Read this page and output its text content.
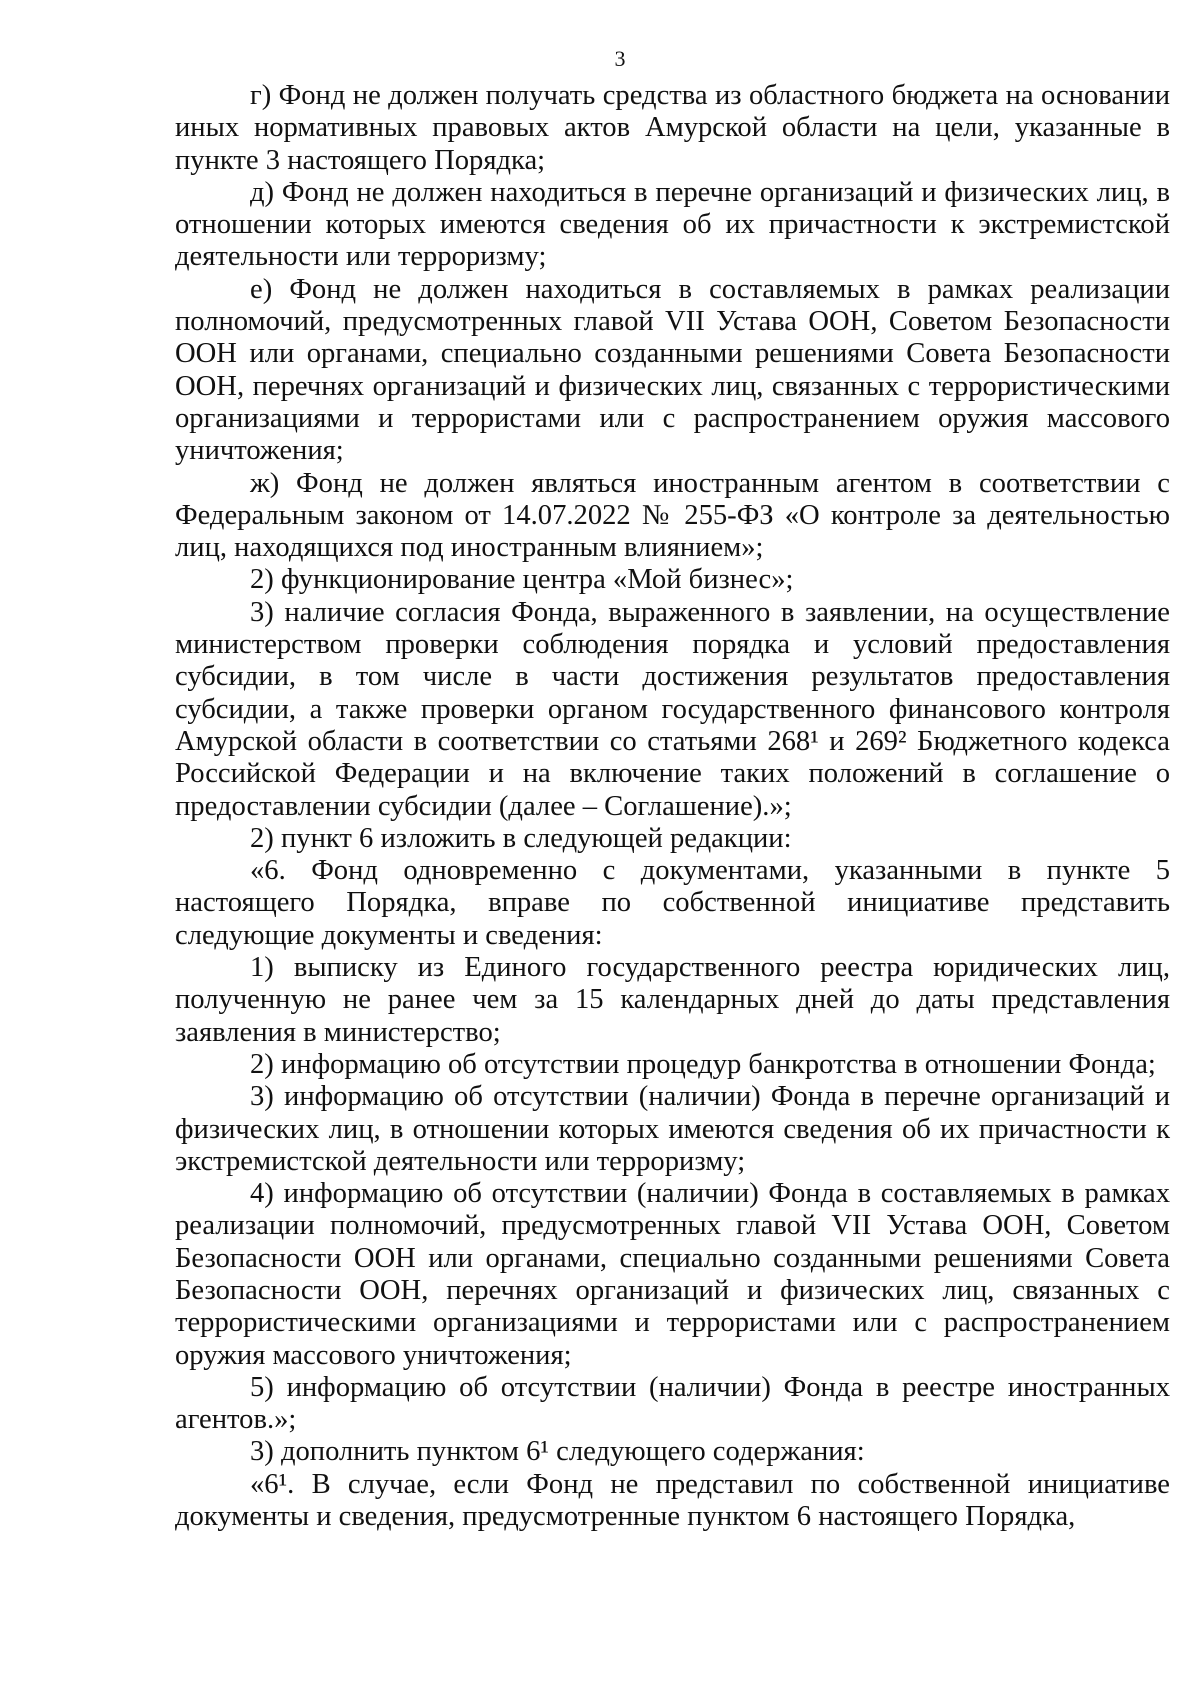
3

г) Фонд не должен получать средства из областного бюджета на основании иных нормативных правовых актов Амурской области на цели, указанные в пункте 3 настоящего Порядка;

д) Фонд не должен находиться в перечне организаций и физических лиц, в отношении которых имеются сведения об их причастности к экстремистской деятельности или терроризму;

е) Фонд не должен находиться в составляемых в рамках реализации полномочий, предусмотренных главой VII Устава ООН, Советом Безопасности ООН или органами, специально созданными решениями Совета Безопасности ООН, перечнях организаций и физических лиц, связанных с террористическими организациями и террористами или с распространением оружия массового уничтожения;

ж) Фонд не должен являться иностранным агентом в соответствии с Федеральным законом от 14.07.2022 № 255-ФЗ «О контроле за деятельностью лиц, находящихся под иностранным влиянием»;

2) функционирование центра «Мой бизнес»;

3) наличие согласия Фонда, выраженного в заявлении, на осуществление министерством проверки соблюдения порядка и условий предоставления субсидии, в том числе в части достижения результатов предоставления субсидии, а также проверки органом государственного финансового контроля Амурской области в соответствии со статьями 268¹ и 269² Бюджетного кодекса Российской Федерации и на включение таких положений в соглашение о предоставлении субсидии (далее – Соглашение).»;

2) пункт 6 изложить в следующей редакции:

«6. Фонд одновременно с документами, указанными в пункте 5 настоящего Порядка, вправе по собственной инициативе представить следующие документы и сведения:

1) выписку из Единого государственного реестра юридических лиц, полученную не ранее чем за 15 календарных дней до даты представления заявления в министерство;

2) информацию об отсутствии процедур банкротства в отношении Фонда;

3) информацию об отсутствии (наличии) Фонда в перечне организаций и физических лиц, в отношении которых имеются сведения об их причастности к экстремистской деятельности или терроризму;

4) информацию об отсутствии (наличии) Фонда в составляемых в рамках реализации полномочий, предусмотренных главой VII Устава ООН, Советом Безопасности ООН или органами, специально созданными решениями Совета Безопасности ООН, перечнях организаций и физических лиц, связанных с террористическими организациями и террористами или с распространением оружия массового уничтожения;

5) информацию об отсутствии (наличии) Фонда в реестре иностранных агентов.»;

3) дополнить пунктом 6¹ следующего содержания:

«6¹. В случае, если Фонд не представил по собственной инициативе документы и сведения, предусмотренные пунктом 6 настоящего Порядка,
